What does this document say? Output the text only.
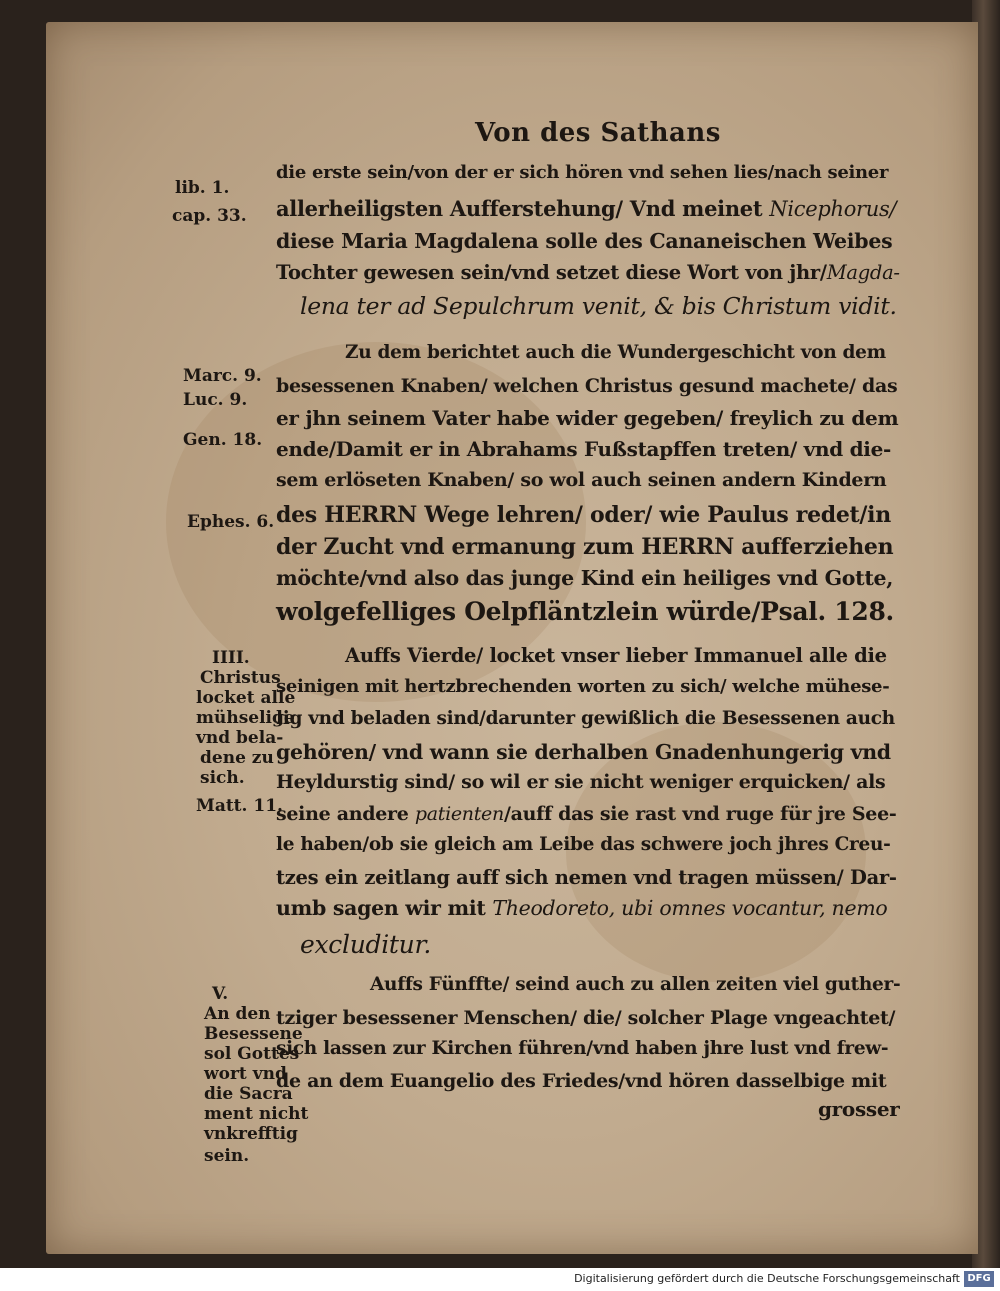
Von des Sathans
die erste sein/von der er sich hören vnd sehen lies/nach seiner
allerheiligsten Aufferstehung/ Vnd meinet Nicephorus/
diese Maria Magdalena solle des Cananeischen Weibes
Tochter gewesen sein/vnd setzet diese Wort von jhr/Magda-
lena ter ad Sepulchrum venit, & bis Christum vidit.
Zu dem berichtet auch die Wundergeschicht von dem
besessenen Knaben/ welchen Christus gesund machete/ das
er jhn seinem Vater habe wider gegeben/ freylich zu dem
ende/Damit er in Abrahams Fußstapffen treten/ vnd die-
sem erlöseten Knaben/ so wol auch seinen andern Kindern
des HERRN Wege lehren/ oder/ wie Paulus redet/in
der Zucht vnd ermanung zum HERRN aufferziehen
möchte/vnd also das junge Kind ein heiliges vnd Gotte,
wolgefelliges Oelpfläntzlein würde/Psal. 128.
Auffs Vierde/ locket vnser lieber Immanuel alle die
seinigen mit hertzbrechenden worten zu sich/ welche mühese-
lig vnd beladen sind/darunter gewißlich die Besessenen auch
gehören/ vnd wann sie derhalben Gnadenhungerig vnd
Heyldurstig sind/ so wil er sie nicht weniger erquicken/ als
seine andere patienten/auff das sie rast vnd ruge für jre See-
le haben/ob sie gleich am Leibe das schwere joch jhres Creu-
tzes ein zeitlang auff sich nemen vnd tragen müssen/ Dar-
umb sagen wir mit Theodoreto, ubi omnes vocantur, nemo
excluditur.
Auffs Fünffte/ seind auch zu allen zeiten viel guther-
tziger besessener Menschen/ die/ solcher Plage vngeachtet/
sich lassen zur Kirchen führen/vnd haben jhre lust vnd frew-
de an dem Euangelio des Friedes/vnd hören dasselbige mit
grosser
lib. 1.
cap. 33.
Marc. 9.
Luc. 9.
Gen. 18.
Ephes. 6.
IIII.
Christus
locket alle
mühselige
vnd bela-
dene zu
sich.
Matt. 11.
V.
An den
Besessene
sol Gottes
wort vnd
die Sacra
ment nicht
vnkrefftig
sein.
Digitalisierung gefördert durch die Deutsche Forschungsgemeinschaft DFG
